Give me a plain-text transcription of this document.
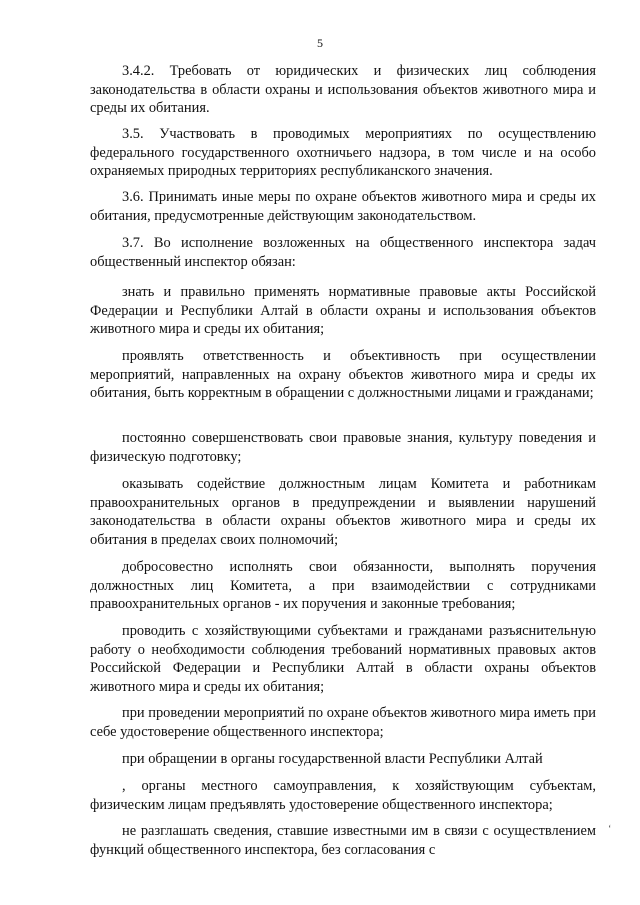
5

3.4.2. Требовать от юридических и физических лиц соблюдения законодательства в области охраны и использования объектов животного мира и среды их обитания.

3.5. Участвовать в проводимых мероприятиях по осуществлению федерального государственного охотничьего надзора, в том числе и на особо охраняемых природных территориях республиканского значения.

3.6. Принимать иные меры по охране объектов животного мира и среды их обитания, предусмотренные действующим законодательством.

3.7. Во исполнение возложенных на общественного инспектора задач общественный инспектор обязан:

знать и правильно применять нормативные правовые акты Российской Федерации и Республики Алтай в области охраны и использования объектов животного мира и среды их обитания;

проявлять ответственность и объективность при осуществлении мероприятий, направленных на охрану объектов животного мира и среды их обитания, быть корректным в обращении с должностными лицами и гражданами;

постоянно совершенствовать свои правовые знания, культуру поведения и физическую подготовку;

оказывать содействие должностным лицам Комитета и работникам правоохранительных органов в предупреждении и выявлении нарушений законодательства в области охраны объектов животного мира и среды их обитания в пределах своих полномочий;

добросовестно исполнять свои обязанности, выполнять поручения должностных лиц Комитета, а при взаимодействии с сотрудниками правоохранительных органов - их поручения и законные требования;

проводить с хозяйствующими субъектами и гражданами разъяснительную работу о необходимости соблюдения требований нормативных правовых актов Российской Федерации и Республики Алтай в области охраны объектов животного мира и среды их обитания;

при проведении мероприятий по охране объектов животного мира иметь при себе удостоверение общественного инспектора;

при обращении в органы государственной власти Республики Алтай

, органы местного самоуправления, к хозяйствующим субъектам, физическим лицам предъявлять удостоверение общественного инспектора;

не разглашать сведения, ставшие известными им в связи с осуществлением функций общественного инспектора, без согласования с

‘
